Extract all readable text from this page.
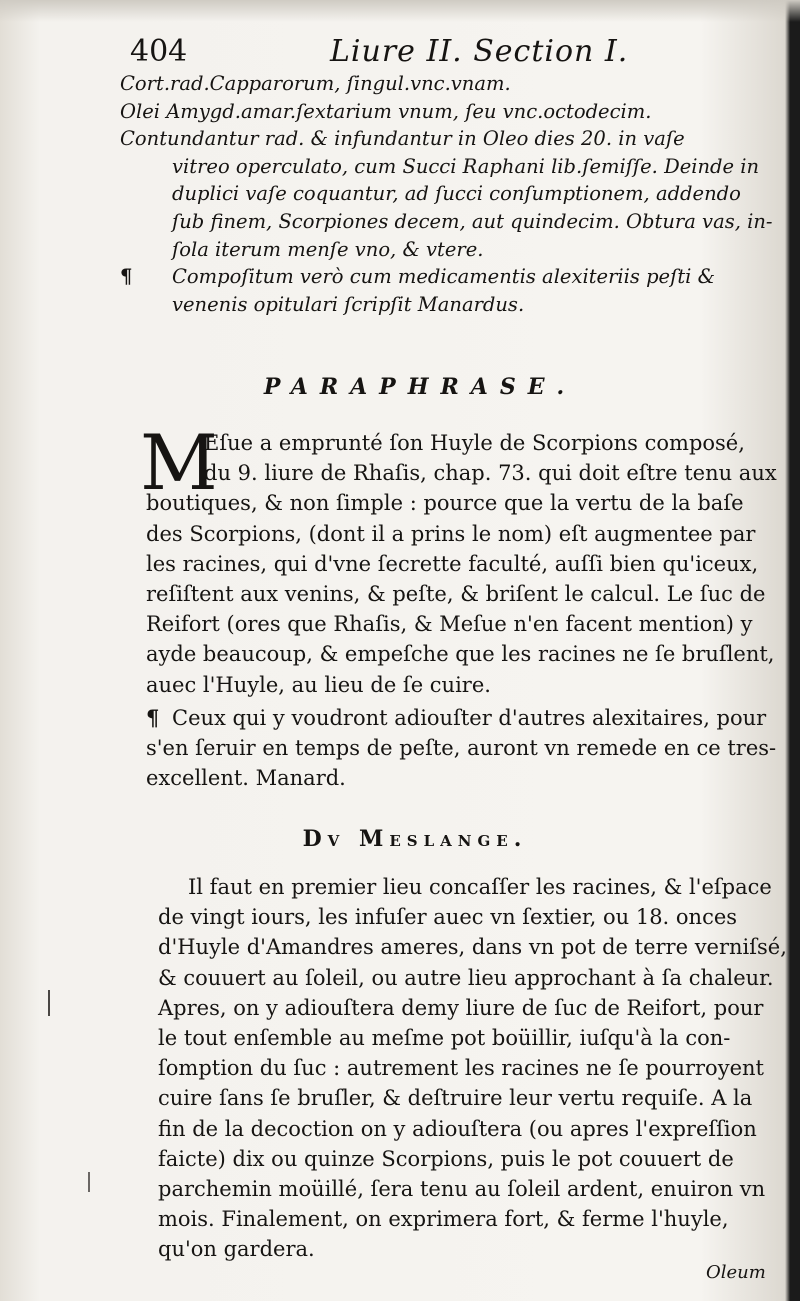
404	Liure II. Section I.
Cort.rad.Capparorum, ſingul.vnc.vnam.
Olei Amygd.amar.ſextarium vnum, ſeu vnc.octodecim.
Contundantur rad. & infundantur in Oleo dies 20. in vaſe
vitreo operculato, cum Succi Raphani lib.ſemiſſe. Deinde in
duplici vaſe coquantur, ad ſucci conſumptionem, addendo
ſub finem, Scorpiones decem, aut quindecim. Obtura vas, in-
ſola iterum menſe vno, & vtere.
¶ Compoſitum verò cum medicamentis alexiteriis peſti &
venenis opitulari ſcripſit Manardus.
PARAPHRASE.
M
Eſue a emprunté ſon Huyle de Scorpions composé,
du 9. liure de Rhaſis, chap. 73. qui doit eſtre tenu aux
boutiques, & non ſimple : pource que la vertu de la baſe
des Scorpions, (dont il a prins le nom) eſt augmentee par
les racines, qui d'vne ſecrette faculté, auſſi bien qu'iceux,
reſiſtent aux venins, & peſte, & briſent le calcul. Le ſuc de
Reifort (ores que Rhaſis, & Meſue n'en facent mention) y
ayde beaucoup, & empeſche que les racines ne ſe bruſlent,
auec l'Huyle, au lieu de ſe cuire.
¶ Ceux qui y voudront adiouſter d'autres alexitaires, pour
s'en ſeruir en temps de peſte, auront vn remede en ce tres-
excellent. Manard.
Dv Meslange.
Il faut en premier lieu concaſſer les racines, & l'eſpace
de vingt iours, les infuſer auec vn ſextier, ou 18. onces
d'Huyle d'Amandres ameres, dans vn pot de terre verniſsé,
& couuert au ſoleil, ou autre lieu approchant à ſa chaleur.
Apres, on y adiouſtera demy liure de ſuc de Reifort, pour
le tout enſemble au meſme pot boüillir, iuſqu'à la con-
ſomption du ſuc : autrement les racines ne ſe pourroyent
cuire ſans ſe bruſler, & deſtruire leur vertu requiſe. A la
fin de la decoction on y adiouſtera (ou apres l'expreſſion
faicte) dix ou quinze Scorpions, puis le pot couuert de
parchemin moüillé, ſera tenu au ſoleil ardent, enuiron vn
mois. Finalement, on exprimera fort, & ferme l'huyle,
qu'on gardera.
Oleum
